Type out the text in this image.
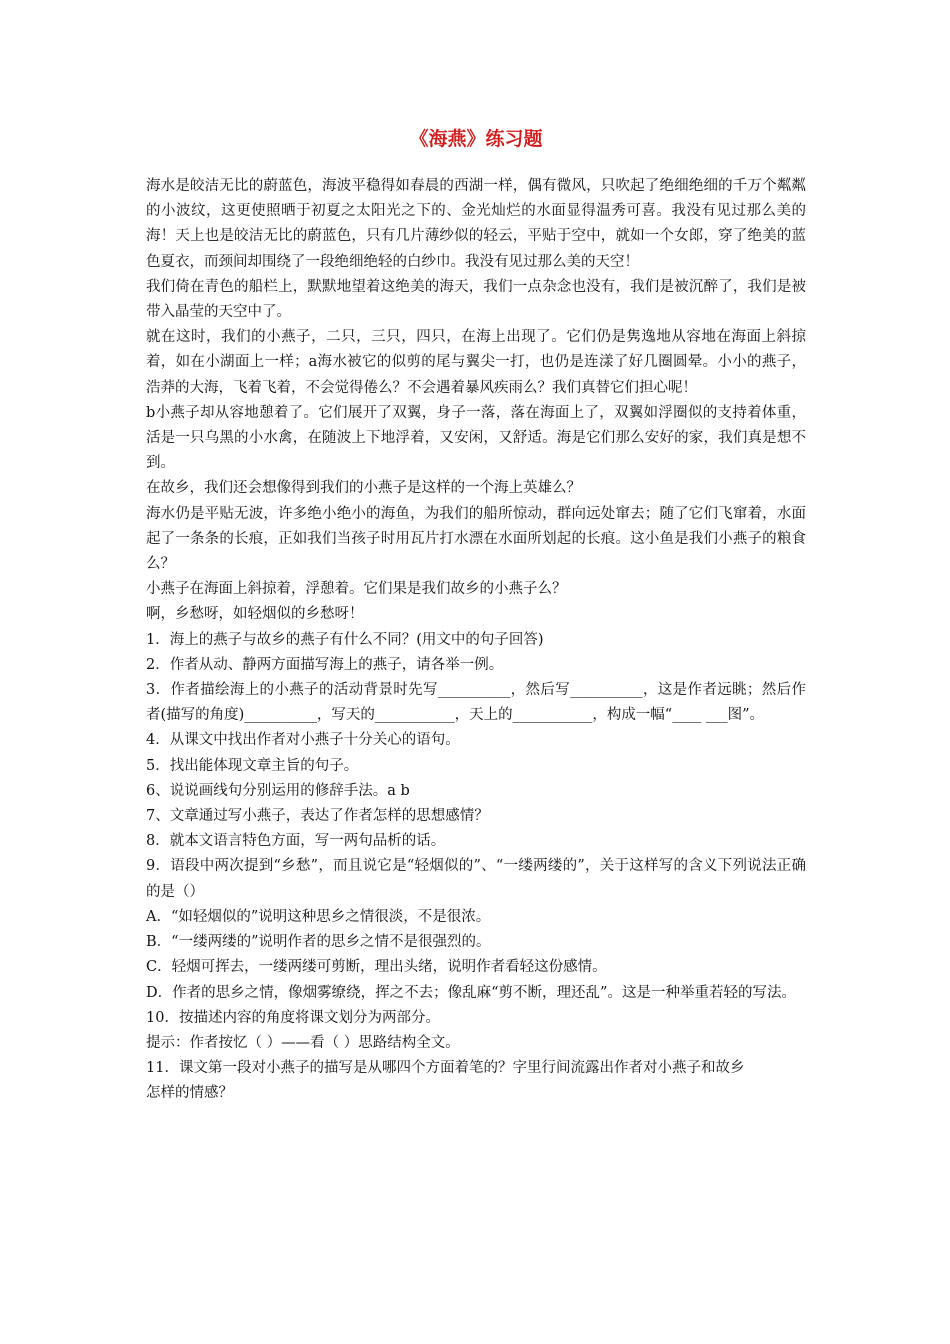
《海燕》练习题

海水是皎洁无比的蔚蓝色，海波平稳得如春晨的西湖一样，偶有微风，只吹起了绝细绝细的千万个粼粼的小波纹，这更使照晒于初夏之太阳光之下的、金光灿烂的水面显得温秀可喜。我没有见过那么美的海！天上也是皎洁无比的蔚蓝色，只有几片薄纱似的轻云，平贴于空中，就如一个女郎，穿了绝美的蓝色夏衣，而颈间却围绕了一段绝细绝轻的白纱巾。我没有见过那么美的天空！

我们倚在青色的船栏上，默默地望着这绝美的海天，我们一点杂念也没有，我们是被沉醉了，我们是被带入晶莹的天空中了。

就在这时，我们的小燕子，二只，三只，四只，在海上出现了。它们仍是隽逸地从容地在海面上斜掠着，如在小湖面上一样；a海水被它的似剪的尾与翼尖一打，也仍是连漾了好几圈圆晕。小小的燕子，浩莽的大海，飞着飞着，不会觉得倦么？不会遇着暴风疾雨么？我们真替它们担心呢！

b小燕子却从容地憩着了。它们展开了双翼，身子一落，落在海面上了，双翼如浮圈似的支持着体重，活是一只乌黑的小水禽，在随波上下地浮着，又安闲，又舒适。海是它们那么安好的家，我们真是想不到。

在故乡，我们还会想像得到我们的小燕子是这样的一个海上英雄么？

海水仍是平贴无波，许多绝小绝小的海鱼，为我们的船所惊动，群向远处窜去；随了它们飞窜着，水面起了一条条的长痕，正如我们当孩子时用瓦片打水漂在水面所划起的长痕。这小鱼是我们小燕子的粮食么？

小燕子在海面上斜掠着，浮憩着。它们果是我们故乡的小燕子么？

啊，乡愁呀，如轻烟似的乡愁呀！

1．海上的燕子与故乡的燕子有什么不同？(用文中的句子回答)

2．作者从动、静两方面描写海上的燕子，请各举一例。

3．作者描绘海上的小燕子的活动背景时先写__________，然后写__________，这是作者远眺；然后作者(描写的角度)__________，写天的___________，天上的___________，构成一幅“____ ___图”。

4．从课文中找出作者对小燕子十分关心的语句。

5．找出能体现文章主旨的句子。

6、说说画线句分别运用的修辞手法。a b

7、文章通过写小燕子，表达了作者怎样的思想感情？

8．就本文语言特色方面，写一两句品析的话。

9．语段中两次提到“乡愁”，而且说它是“轻烟似的”、“一缕两缕的”，关于这样写的含义下列说法正确的是（）

A．“如轻烟似的”说明这种思乡之情很淡，不是很浓。

B．“一缕两缕的”说明作者的思乡之情不是很强烈的。

C．轻烟可挥去，一缕两缕可剪断，理出头绪，说明作者看轻这份感情。

D．作者的思乡之情，像烟雾缭绕，挥之不去；像乱麻“剪不断，理还乱”。这是一种举重若轻的写法。

10．按描述内容的角度将课文划分为两部分。

提示：作者按忆（ ）——看（ ）思路结构全文。

11．课文第一段对小燕子的描写是从哪四个方面着笔的？字里行间流露出作者对小燕子和故乡

怎样的情感？
